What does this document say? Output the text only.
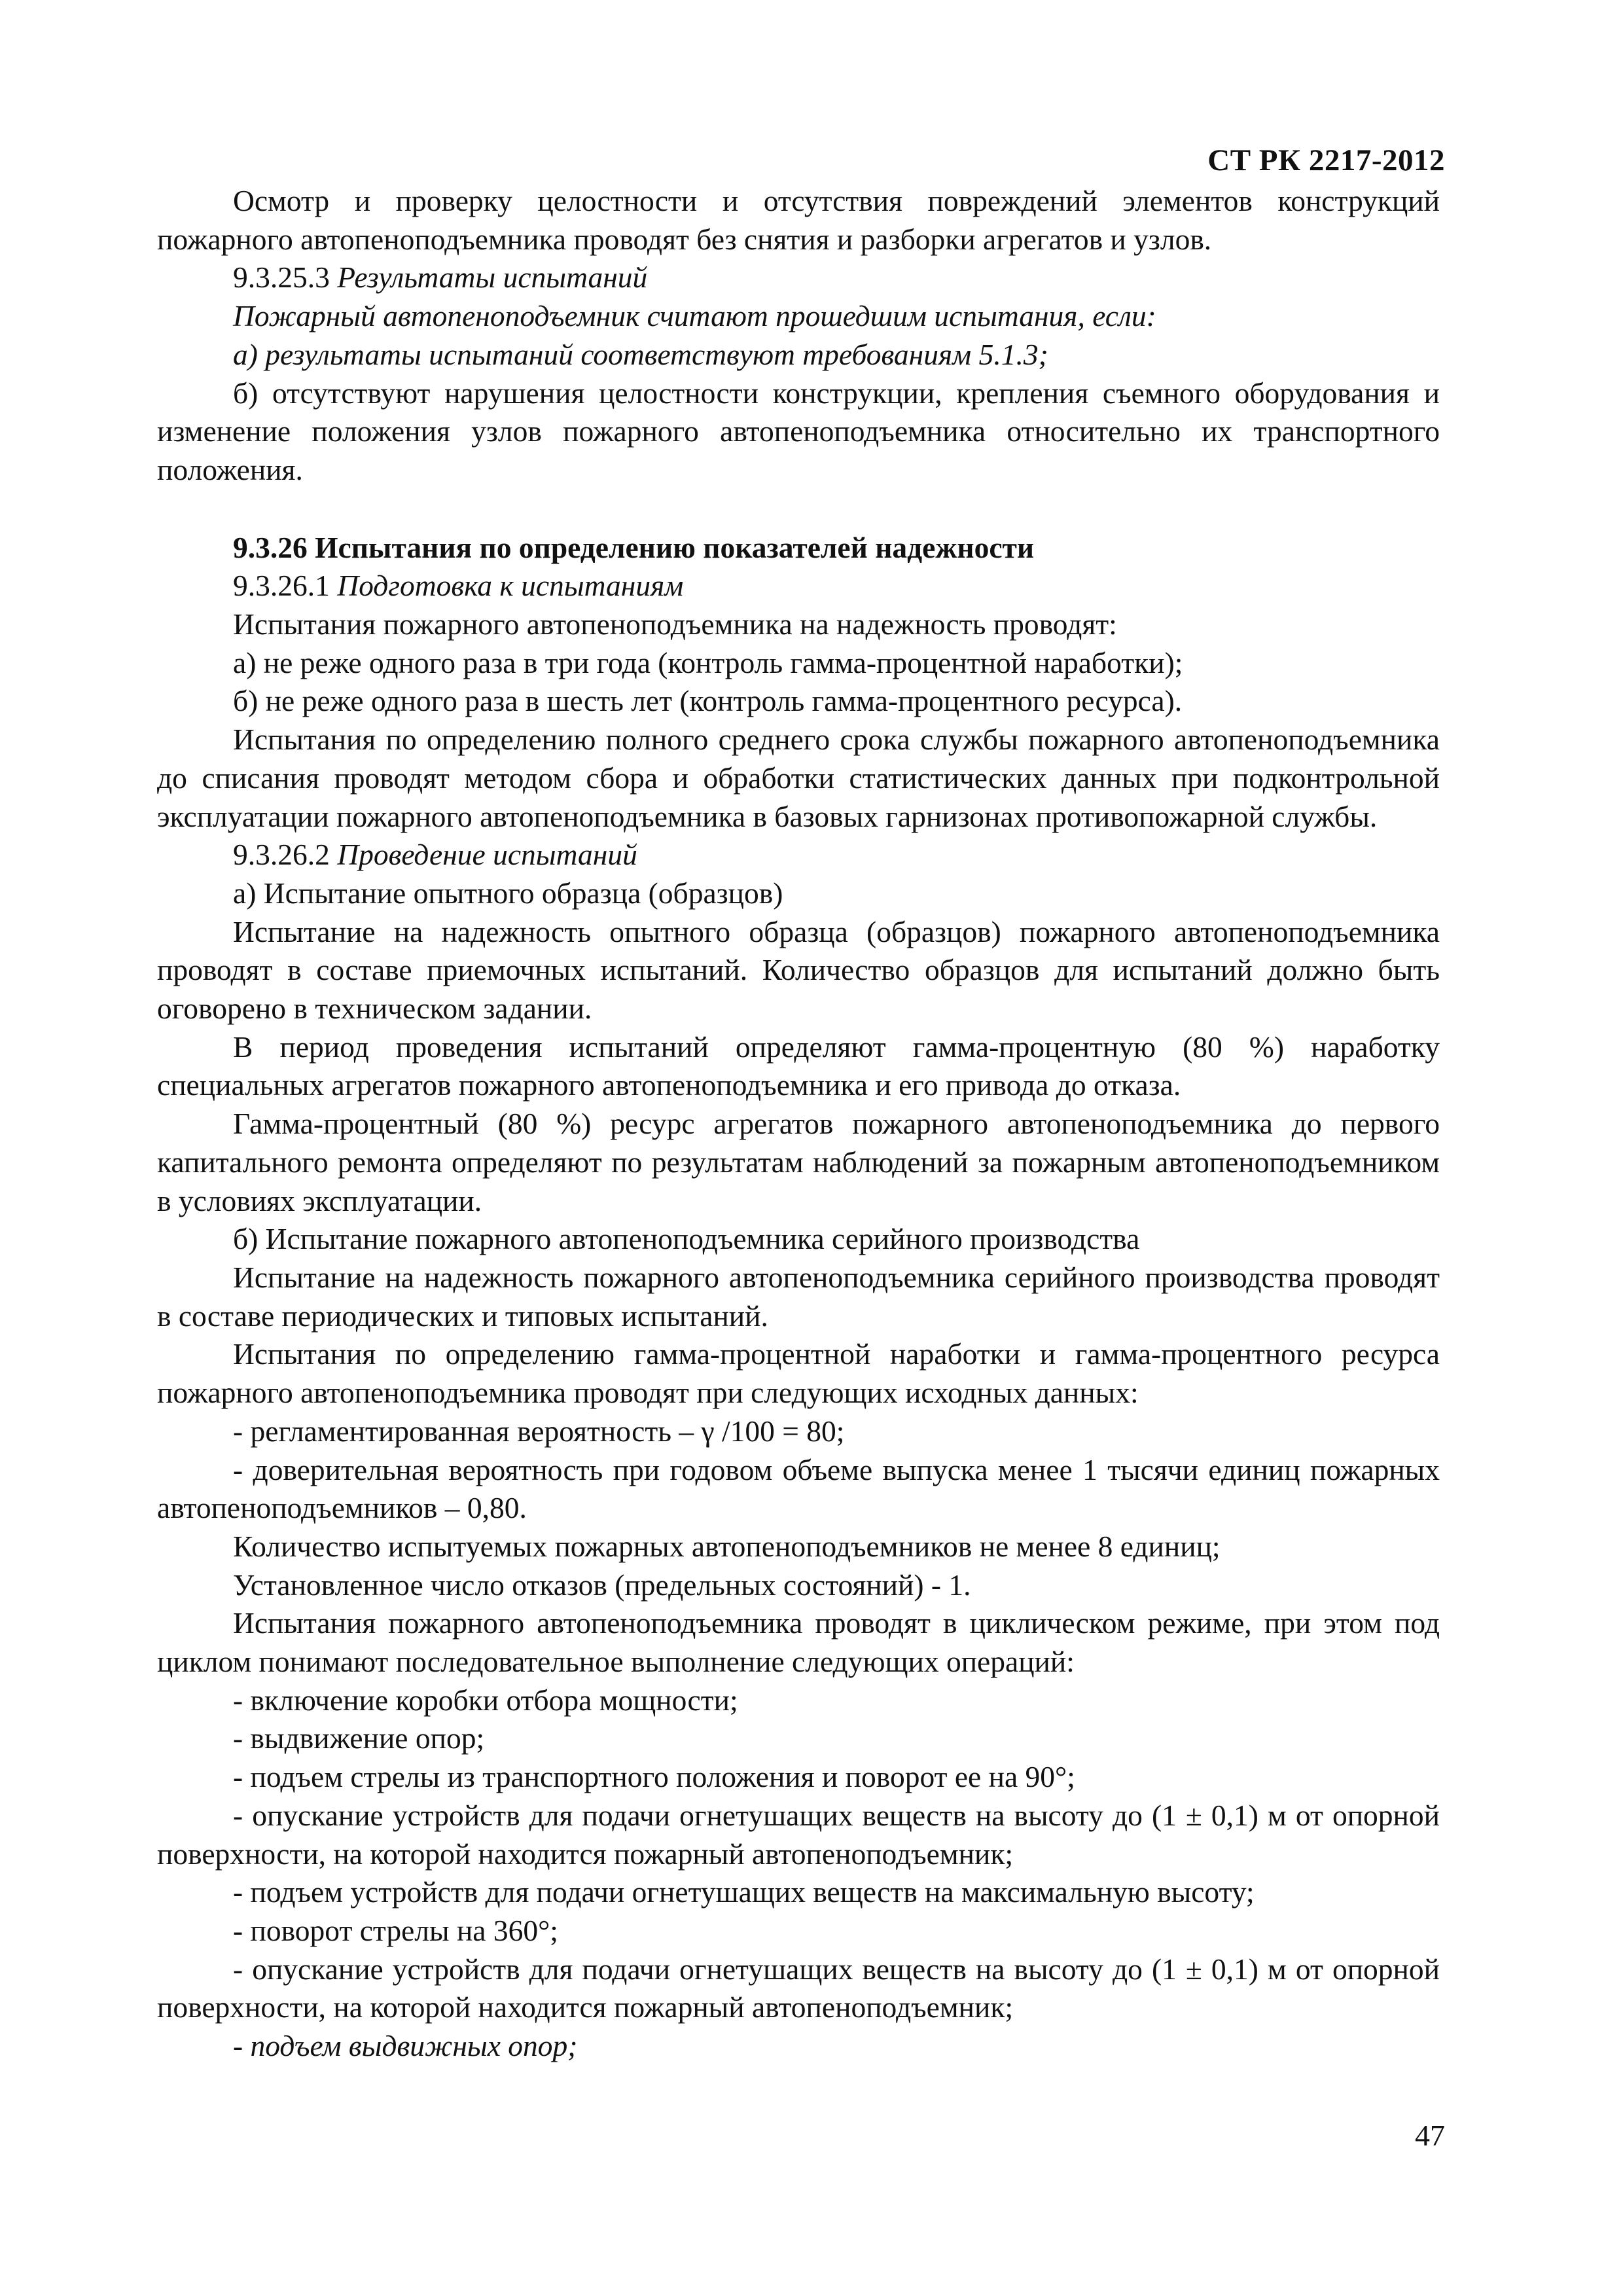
СТ РК 2217-2012

Осмотр и проверку целостности и отсутствия повреждений элементов конструкций пожарного автопеноподъемника проводят без снятия и разборки агрегатов и узлов.

9.3.25.3 Результаты испытаний

Пожарный автопеноподъемник считают прошедшим испытания, если:

а) результаты испытаний соответствуют требованиям 5.1.3;

б) отсутствуют нарушения целостности конструкции, крепления съемного оборудования и изменение положения узлов пожарного автопеноподъемника относительно их транспортного положения.

9.3.26 Испытания по определению показателей надежности

9.3.26.1 Подготовка к испытаниям

Испытания пожарного автопеноподъемника на надежность проводят:

а) не реже одного раза в три года (контроль гамма-процентной наработки);

б) не реже одного раза в шесть лет (контроль гамма-процентного ресурса).

Испытания по определению полного среднего срока службы пожарного автопеноподъемника до списания проводят методом сбора и обработки статистических данных при подконтрольной эксплуатации пожарного автопеноподъемника в базовых гарнизонах противопожарной службы.

9.3.26.2 Проведение испытаний

а) Испытание опытного образца (образцов)

Испытание на надежность опытного образца (образцов) пожарного автопеноподъемника проводят в составе приемочных испытаний. Количество образцов для испытаний должно быть оговорено в техническом задании.

В период проведения испытаний определяют гамма-процентную (80 %) наработку специальных агрегатов пожарного автопеноподъемника и его привода до отказа.

Гамма-процентный (80 %) ресурс агрегатов пожарного автопеноподъемника до первого капитального ремонта определяют по результатам наблюдений за пожарным автопеноподъемником в условиях эксплуатации.

б) Испытание пожарного автопеноподъемника серийного производства

Испытание на надежность пожарного автопеноподъемника серийного производства проводят в составе периодических и типовых испытаний.

Испытания по определению гамма-процентной наработки и гамма-процентного ресурса пожарного автопеноподъемника проводят при следующих исходных данных:

- регламентированная вероятность – γ /100 = 80;

- доверительная вероятность при годовом объеме выпуска менее 1 тысячи единиц пожарных автопеноподъемников – 0,80.

Количество испытуемых пожарных автопеноподъемников не менее 8 единиц;

Установленное число отказов (предельных состояний) - 1.

Испытания пожарного автопеноподъемника проводят в циклическом режиме, при этом под циклом понимают последовательное выполнение следующих операций:

- включение коробки отбора мощности;

- выдвижение опор;

- подъем стрелы из транспортного положения и поворот ее на 90°;

- опускание устройств для подачи огнетушащих веществ на высоту до (1 ± 0,1) м от опорной поверхности, на которой находится пожарный автопеноподъемник;

- подъем устройств для подачи огнетушащих веществ на максимальную высоту;

- поворот стрелы на 360°;

- опускание устройств для подачи огнетушащих веществ на высоту до (1 ± 0,1) м от опорной поверхности, на которой находится пожарный автопеноподъемник;

- подъем выдвижных опор;

47
